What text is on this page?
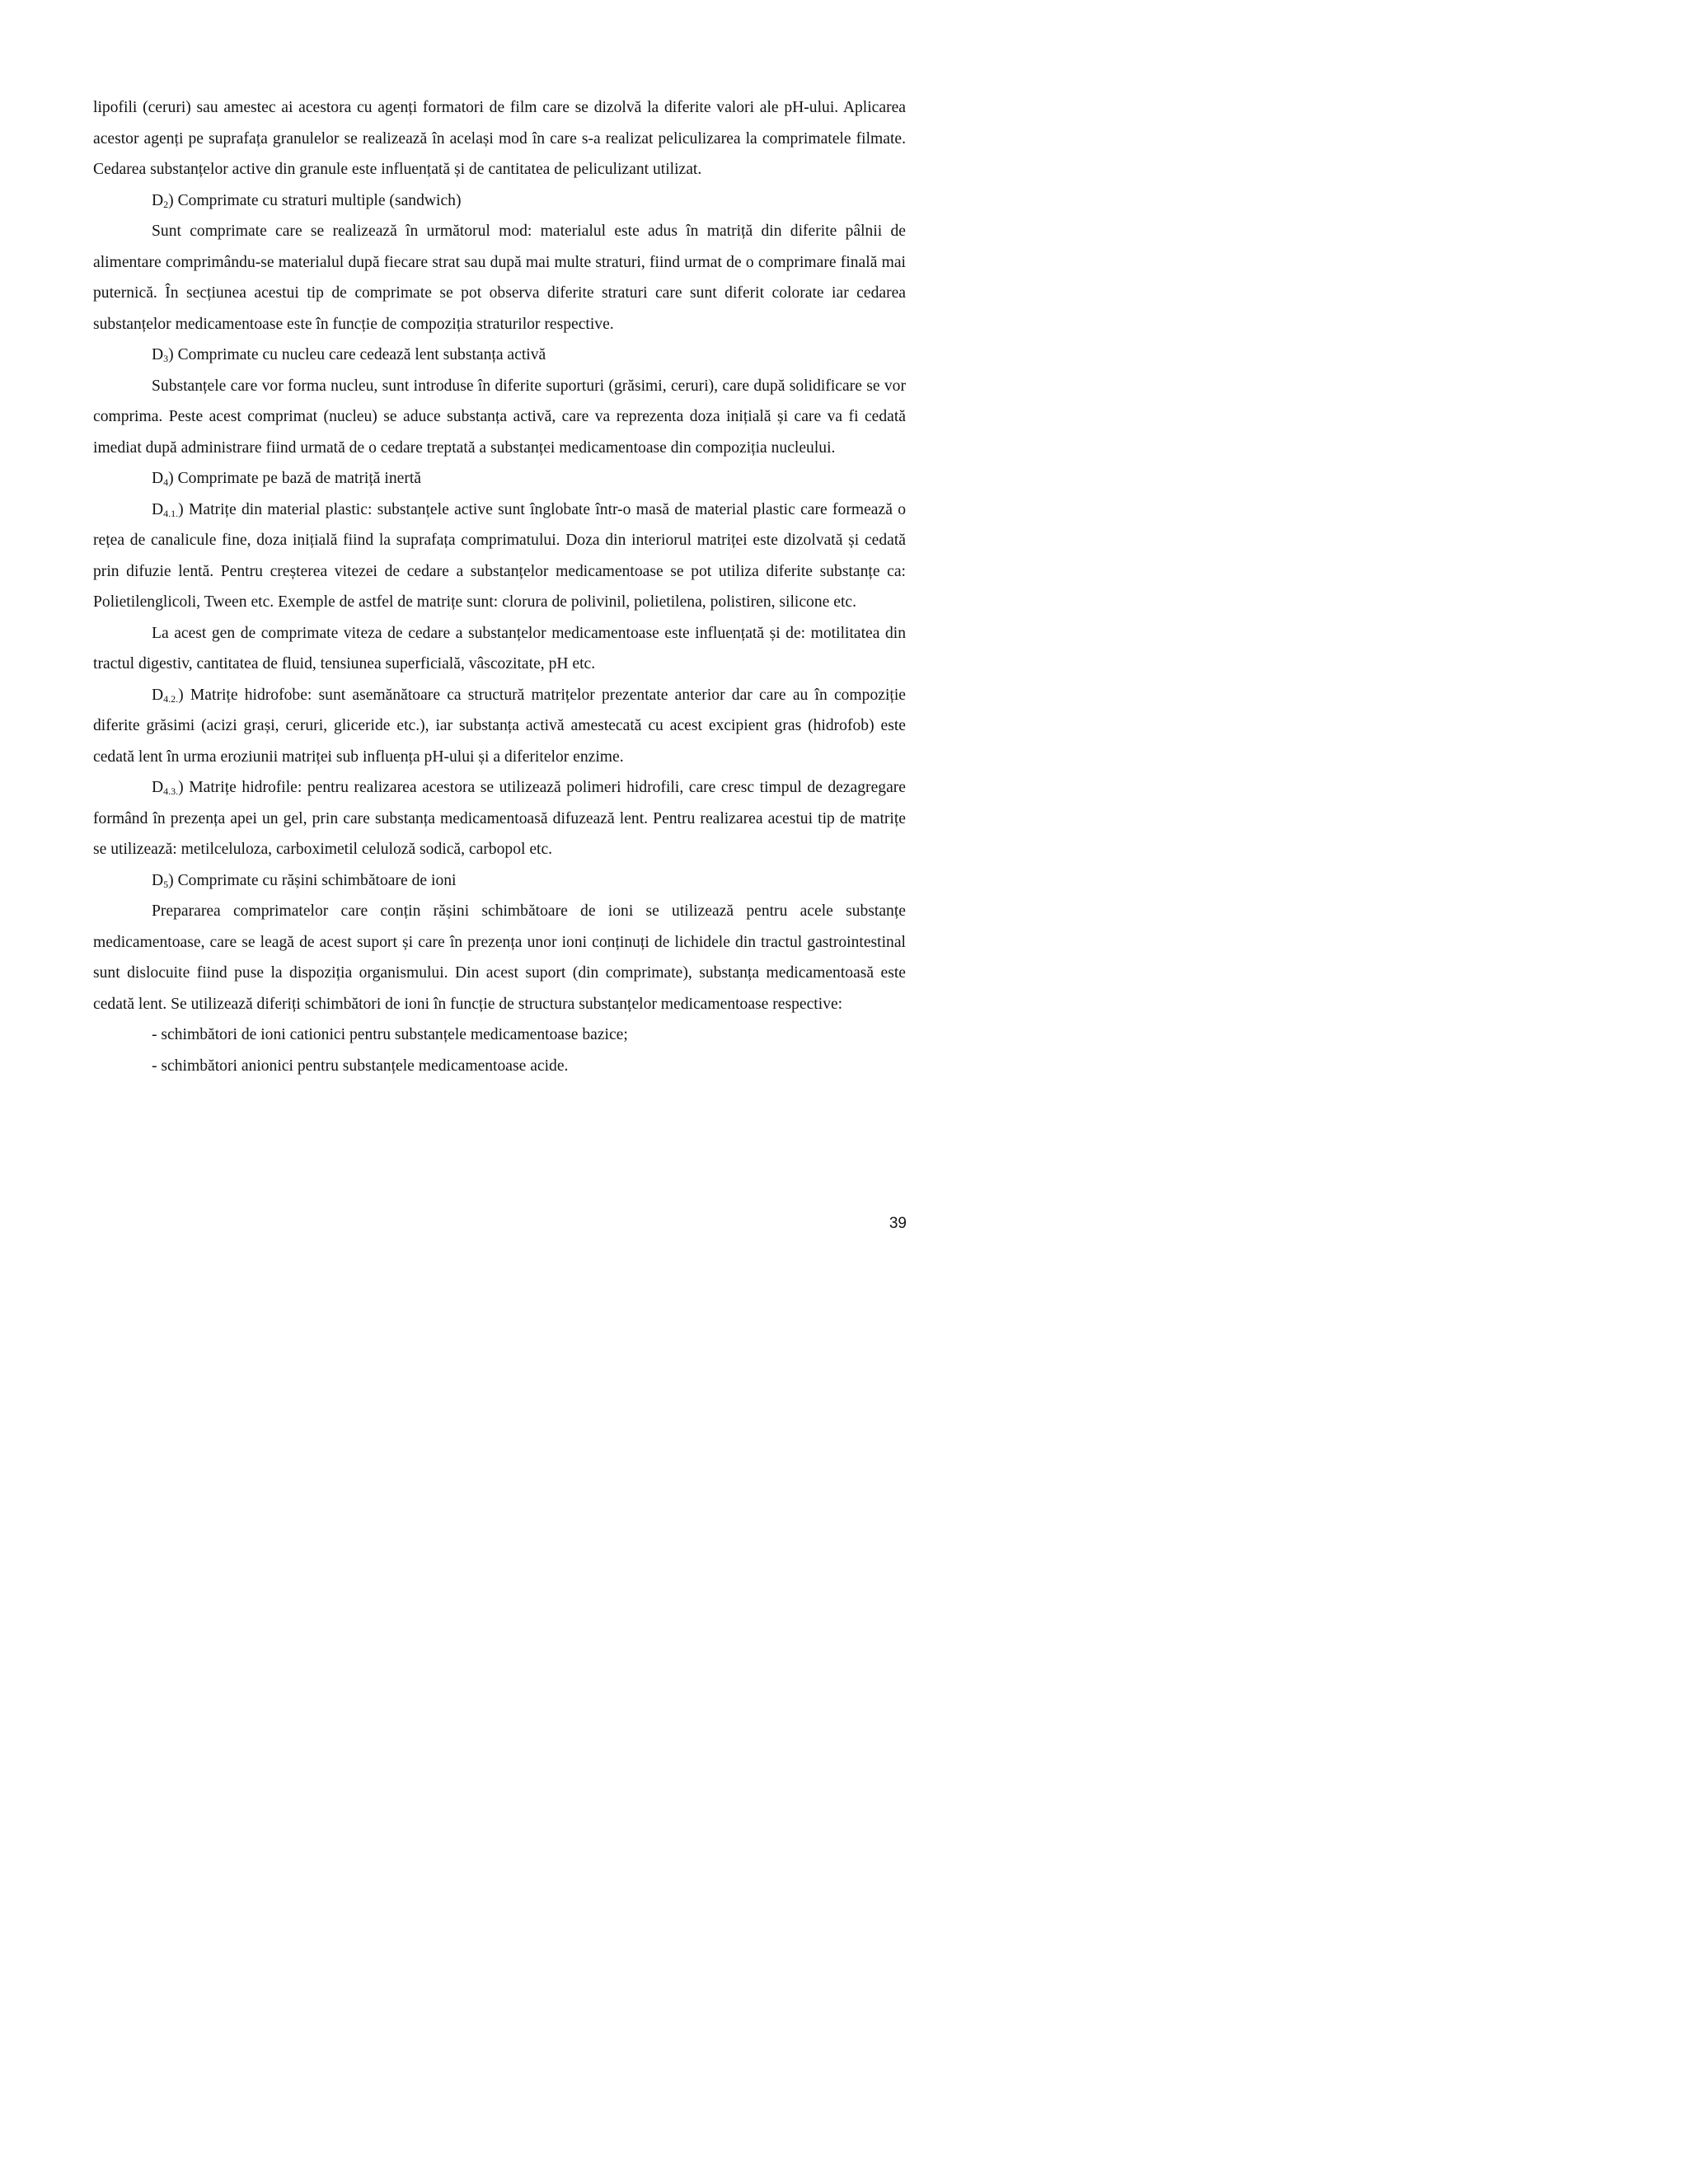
lipofili (ceruri) sau amestec ai acestora cu agenți formatori de film care se dizolvă la diferite valori ale pH-ului. Aplicarea acestor agenți pe suprafața granulelor se realizează în același mod în care s-a realizat peliculizarea la comprimatele filmate. Cedarea substanțelor active din granule este influențată și de cantitatea de peliculizant utilizat.

$D_2$) Comprimate cu straturi multiple (sandwich)

Sunt comprimate care se realizează în următorul mod: materialul este adus în matriță din diferite pâlnii de alimentare comprimându-se materialul după fiecare strat sau după mai multe straturi, fiind urmat de o comprimare finală mai puternică. În secțiunea acestui tip de comprimate se pot observa diferite straturi care sunt diferit colorate iar cedarea substanțelor medicamentoase este în funcție de compoziția straturilor respective.

$D_3$) Comprimate cu nucleu care cedează lent substanța activă

Substanțele care vor forma nucleu, sunt introduse în diferite suporturi (grăsimi, ceruri), care după solidificare se vor comprima. Peste acest comprimat (nucleu) se aduce substanța activă, care va reprezenta doza inițială și care va fi cedată imediat după administrare fiind urmată de o cedare treptată a substanței medicamentoase din compoziția nucleului.

$D_4$) Comprimate pe bază de matriță inertă

$D_{4.1.}$) Matrițe din material plastic: substanțele active sunt înglobate într-o masă de material plastic care formează o rețea de canalicule fine, doza inițială fiind la suprafața comprimatului. Doza din interiorul matriței este dizolvată și cedată prin difuzie lentă. Pentru creșterea vitezei de cedare a substanțelor medicamentoase se pot utiliza diferite substanțe ca: Polietilenglicoli, Tween etc. Exemple de astfel de matrițe sunt: clorura de polivinil, polietilena, polistiren, silicone etc.

La acest gen de comprimate viteza de cedare a substanțelor medicamentoase este influențată și de: motilitatea din tractul digestiv, cantitatea de fluid, tensiunea superficială, vâscozitate, pH etc.

$D_{4.2.}$) Matrițe hidrofobe: sunt asemănătoare ca structură matrițelor prezentate anterior dar care au în compoziție diferite grăsimi (acizi grași, ceruri, gliceride etc.), iar substanța activă amestecată cu acest excipient gras (hidrofob) este cedată lent în urma eroziunii matriței sub influența pH-ului și a diferitelor enzime.

$D_{4.3.}$) Matrițe hidrofile: pentru realizarea acestora se utilizează polimeri hidrofili, care cresc timpul de dezagregare formând în prezența apei un gel, prin care substanța medicamentoasă difuzează lent. Pentru realizarea acestui tip de matrițe se utilizează: metilceluloza, carboximetil celuloză sodică, carbopol etc.

$D_5$) Comprimate cu rășini schimbătoare de ioni

Prepararea comprimatelor care conțin rășini schimbătoare de ioni se utilizează pentru acele substanțe medicamentoase, care se leagă de acest suport și care în prezența unor ioni conținuți de lichidele din tractul gastrointestinal sunt dislocuite fiind puse la dispoziția organismului. Din acest suport (din comprimate), substanța medicamentoasă este cedată lent. Se utilizează diferiți schimbători de ioni în funcție de structura substanțelor medicamentoase respective:

- schimbători de ioni cationici pentru substanțele medicamentoase bazice;

- schimbători anionici pentru substanțele medicamentoase acide.

39
